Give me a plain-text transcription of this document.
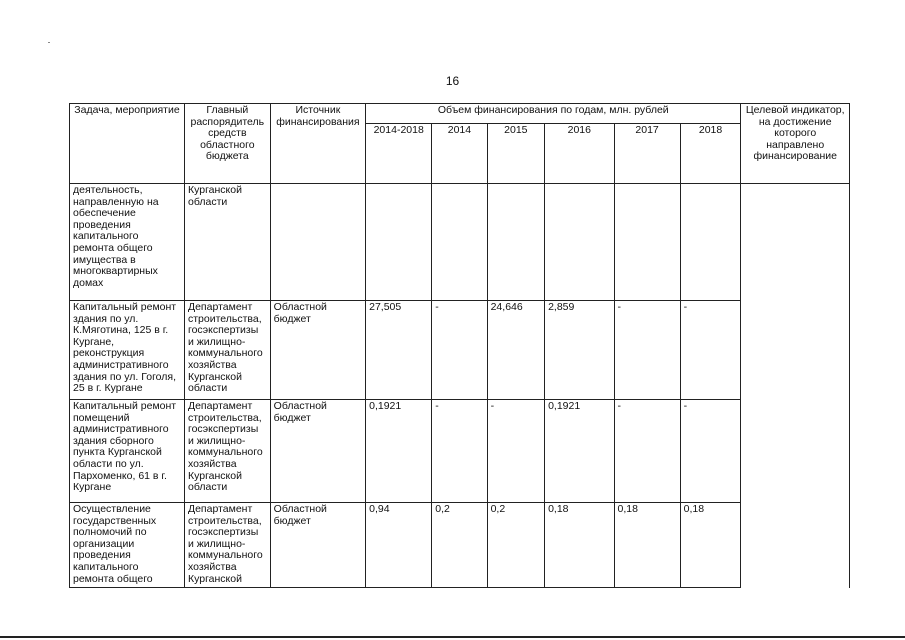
16
Задача, мероприятие	Главный распорядитель средств областного бюджета	Источник финансирования	Объем финансирования по годам, млн. рублей						Целевой индикатор, на достижение которого направлено финансирование
			2014-2018	2014	2015	2016	2017	2018	
деятельность, направленную на обеспечение проведения капитального ремонта общего имущества в многоквартирных домах	Курганской области								
Капитальный ремонт здания по ул. К.Мяготина, 125 в г. Кургане, реконструкция административного здания по ул. Гоголя, 25 в г. Кургане	Департамент строительства, госэкспертизы и жилищно-коммунального хозяйства Курганской области	Областной бюджет	27,505	-	24,646	2,859	-	-	
Капитальный ремонт помещений административного здания сборного пункта Курганской области по ул. Пархоменко, 61 в г. Кургане	Департамент строительства, госэкспертизы и жилищно-коммунального хозяйства Курганской области	Областной бюджет	0,1921	-	-	0,1921	-	-	
Осуществление государственных полномочий по организации проведения капитального ремонта общего	Департамент строительства, госэкспертизы и жилищно-коммунального хозяйства Курганской	Областной бюджет	0,94	0,2	0,2	0,18	0,18	0,18	
